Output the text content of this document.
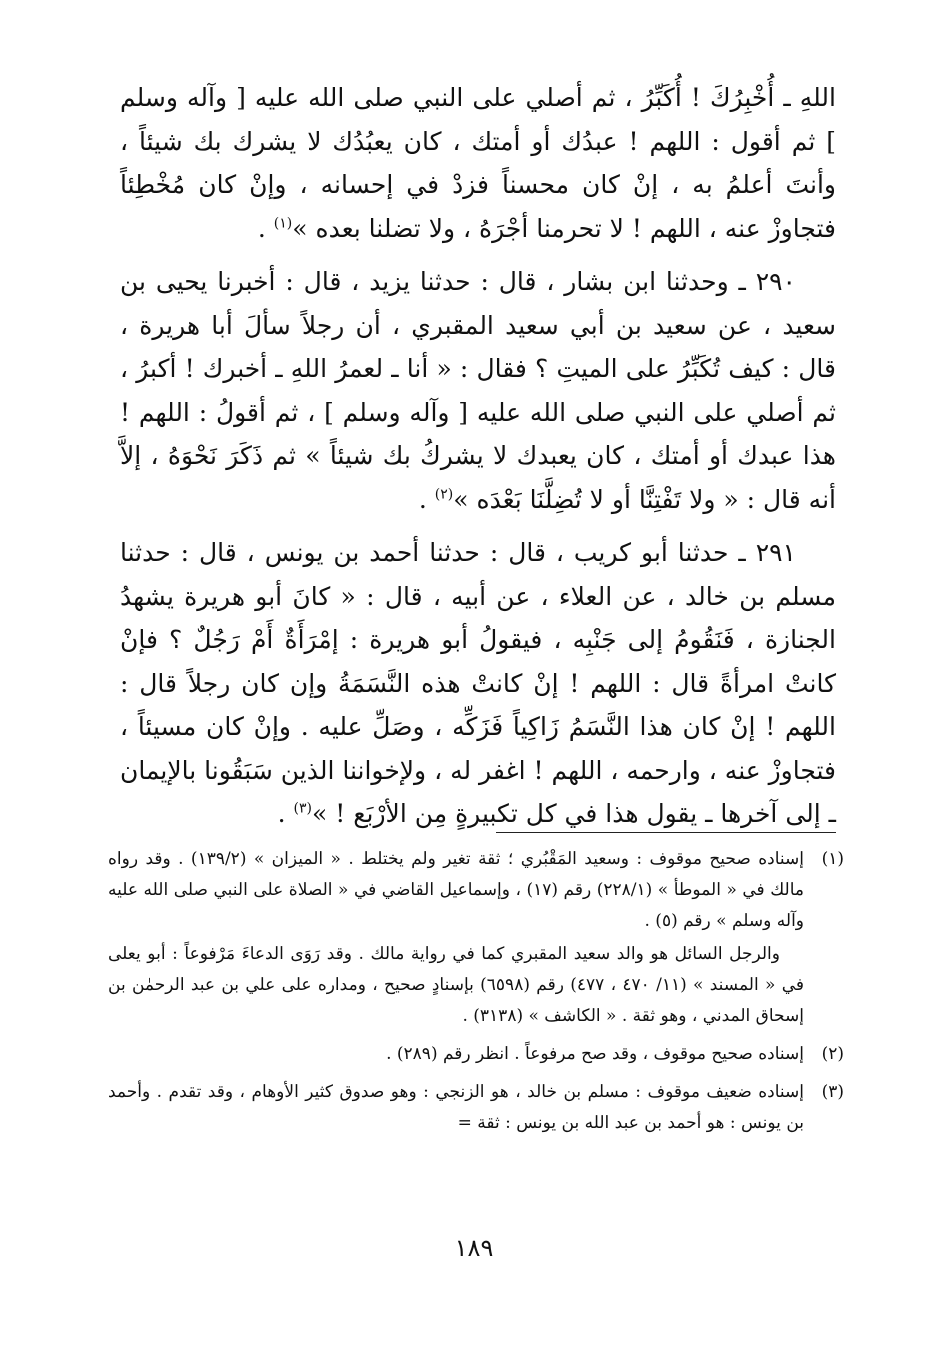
اللهِ ـ أُخْبِرُكَ ! أُكَبِّرُ ، ثم أصلي على النبي صلى الله عليه [ وآله وسلم ] ثم أقول : اللهم ! عبدُك أو أمتك ، كان يعبُدُك لا يشرك بك شيئاً ، وأنتَ أعلمُ به ، إنْ كان محسناً فزدْ في إحسانه ، وإنْ كان مُخْطِئاً فتجاوزْ عنه ، اللهم ! لا تحرمنا أجْرَهُ ، ولا تضلنا بعده »$^{(١)}$ .

٢٩٠ ـ وحدثنا ابن بشار ، قال : حدثنا يزيد ، قال : أخبرنا يحيى بن سعيد ، عن سعيد بن أبي سعيد المقبري ، أن رجلاً سألَ أبا هريرة ، قال : كيف تُكَبِّرُ على الميتِ ؟ فقال : « أنا ـ لعمرُ اللهِ ـ أخبرك ! أكبرُ ، ثم أصلي على النبي صلى الله عليه [ وآله وسلم ] ، ثم أقولُ : اللهم ! هذا عبدك أو أمتك ، كان يعبدك لا يشركُ بك شيئاً » ثم ذَكَرَ نَحْوَهُ ، إلاَّ أنه قال : « ولا تَفْتِنَّا أو لا تُضِلَّنَا بَعْدَه »$^{(٢)}$ .

٢٩١ ـ حدثنا أبو كريب ، قال : حدثنا أحمد بن يونس ، قال : حدثنا مسلم بن خالد ، عن العلاء ، عن أبيه ، قال : « كانَ أبو هريرة يشهدُ الجنازة ، فَنَقُومُ إلى جَنْبِه ، فيقولُ أبو هريرة : إمْرَأَةٌ أَمْ رَجُلٌ ؟ فإنْ كانتْ امرأةً قال : اللهم ! إنْ كانتْ هذه النَّسَمَةُ وإن كان رجلاً قال : اللهم ! إنْ كان هذا النَّسَمُ زَاكِياً فَزَكِّه ، وصَلِّ عليه . وإنْ كان مسيئاً ، فتجاوزْ عنه ، وارحمه ، اللهم ! اغفر له ، ولإخواننا الذين سَبَقُونا بالإيمان ـ إلى آخرها ـ يقول هذا في كل تكبيرةٍ مِن الأرْبَع ! »$^{(٣)}$ .

(١)

إسناده صحيح موقوف : وسعيد المَقْبُري ؛ ثقة تغير ولم يختلط . « الميزان » (١٣٩/٢) . وقد رواه مالك في « الموطأ » (٢٢٨/١) رقم (١٧) ، وإسماعيل القاضي في « الصلاة على النبي صلى الله عليه وآله وسلم » رقم (٥) .

والرجل السائل هو والد سعيد المقبري كما في رواية مالك . وقد رَوَى الدعاءَ مَرْفوعاً : أبو يعلى في « المسند » (١١/ ٤٧٠ ، ٤٧٧) رقم (٦٥٩٨) بإسنادٍ صحيح ، ومداره على علي بن عبد الرحمٰن بن إسحاق المدني ، وهو ثقة . « الكاشف » (٣١٣٨) .

(٢)

إسناده صحيح موقوف ، وقد صح مرفوعاً . انظر رقم (٢٨٩) .

(٣)

إسناده ضعيف موقوف : مسلم بن خالد ، هو الزنجي : وهو صدوق كثير الأوهام ، وقد تقدم . وأحمد بن يونس : هو أحمد بن عبد الله بن يونس : ثقة =

١٨٩
